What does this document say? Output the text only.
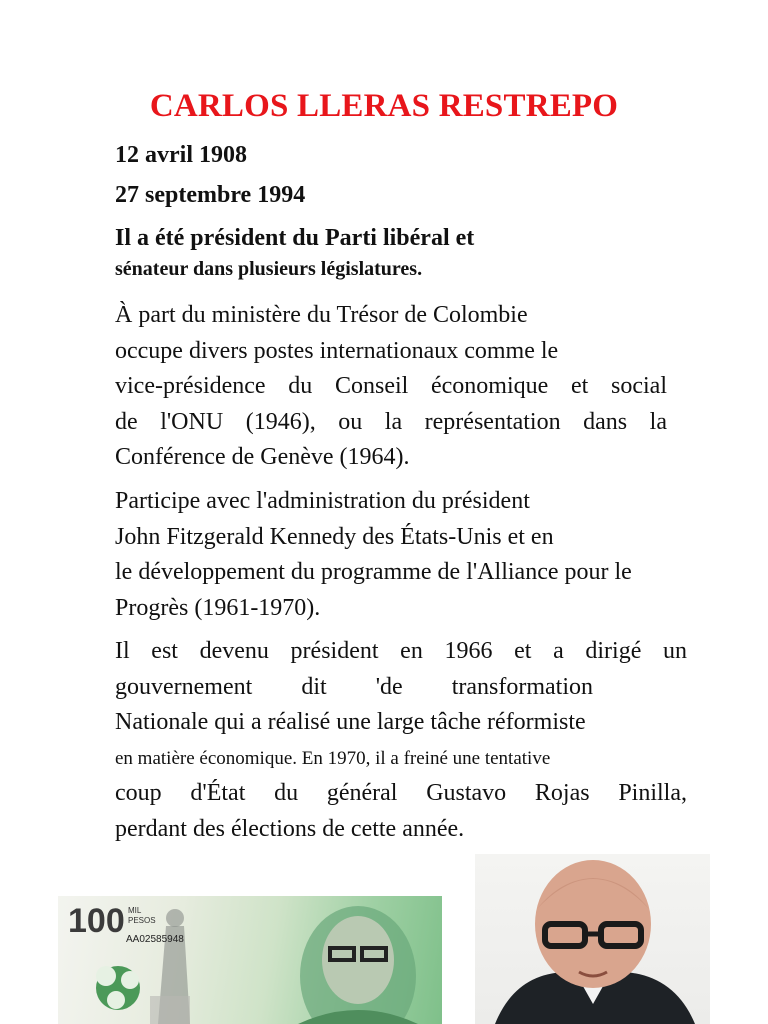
CARLOS LLERAS RESTREPO
12 avril 1908
27 septembre 1994
Il a été président du Parti libéral et
sénateur dans plusieurs législatures.
À part du ministère du Trésor de Colombie
occupe divers postes internationaux comme le
vice-présidence du Conseil économique et social
de l'ONU (1946), ou la représentation dans la
Conférence de Genève (1964).
Participe avec l'administration du président
John Fitzgerald Kennedy des États-Unis et en
le développement du programme de l'Alliance pour le
Progrès (1961-1970).
Il est devenu président en 1966 et a dirigé un
gouvernement dit 'de transformation
Nationale qui a réalisé une large tâche réformiste
en matière économique. En 1970, il a freiné une tentative
coup d'État du général Gustavo Rojas Pinilla,
perdant des élections de cette année.
100 MIL
PESOS
AA02585948
